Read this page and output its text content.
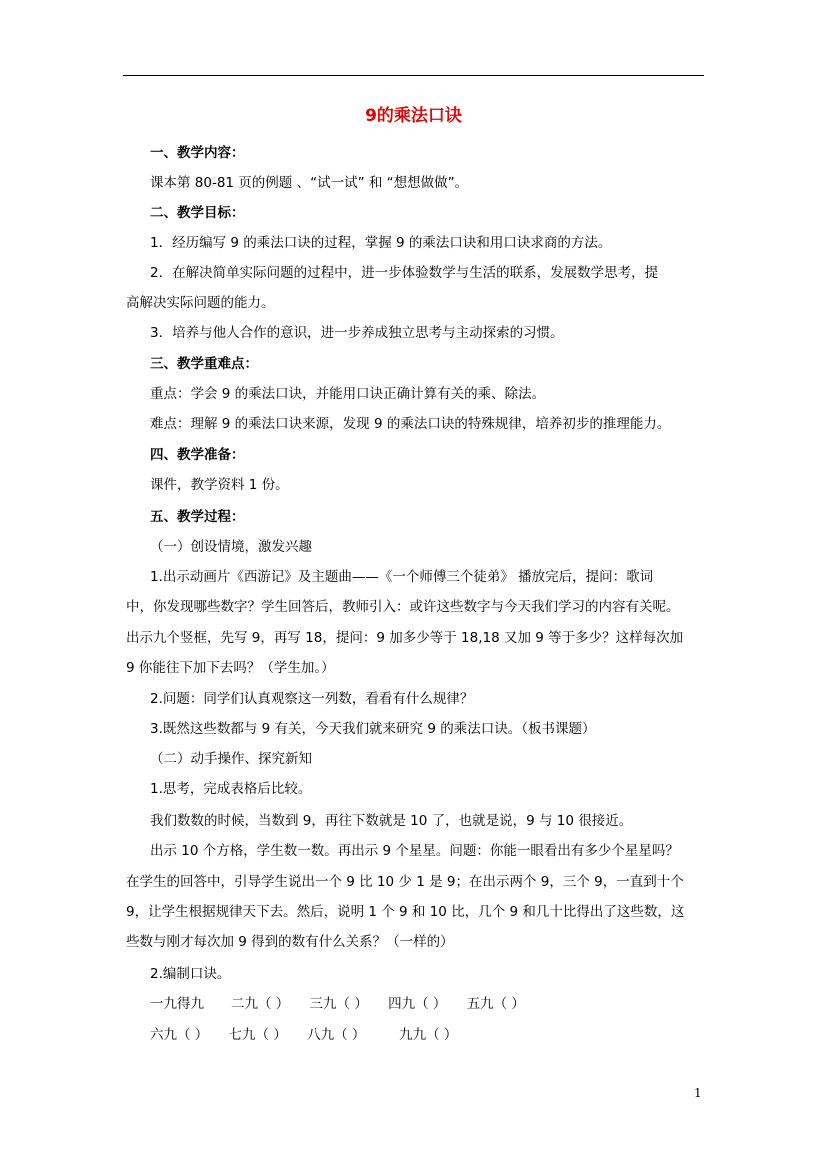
9的乘法口诀
一、教学内容：
课本第 80-81 页的例题 、“试一试” 和 “想想做做”。
二、教学目标：
1．经历编写 9 的乘法口诀的过程，掌握 9 的乘法口诀和用口诀求商的方法。
2．在解决简单实际问题的过程中，进一步体验数学与生活的联系，发展数学思考，提
高解决实际问题的能力。
3．培养与他人合作的意识，进一步养成独立思考与主动探索的习惯。
三、教学重难点：
重点：学会 9 的乘法口诀，并能用口诀正确计算有关的乘、除法。
难点：理解 9 的乘法口诀来源，发现 9 的乘法口诀的特殊规律，培养初步的推理能力。
四、教学准备：
课件，教学资料 1 份。
五、教学过程：
（一）创设情境，激发兴趣
1.出示动画片《西游记》及主题曲——《一个师傅三个徒弟》 播放完后，提问：歌词
中，你发现哪些数字？学生回答后，教师引入：或许这些数字与今天我们学习的内容有关呢。
出示九个竖框，先写 9，再写 18，提问：9 加多少等于 18,18 又加 9 等于多少？这样每次加
9 你能往下加下去吗？（学生加。）
2.问题：同学们认真观察这一列数，看看有什么规律？
3.既然这些数都与 9 有关，今天我们就来研究 9 的乘法口诀。（板书课题）
（二）动手操作、探究新知
1.思考，完成表格后比较。
我们数数的时候，当数到 9，再往下数就是 10 了，也就是说，9 与 10 很接近。
出示 10 个方格，学生数一数。再出示 9 个星星。问题：你能一眼看出有多少个星星吗？
在学生的回答中，引导学生说出一个 9 比 10 少 1 是 9；在出示两个 9，三个 9，一直到十个
9，让学生根据规律天下去。然后，说明 1 个 9 和 10 比，几个 9 和几十比得出了这些数，这
些数与刚才每次加 9 得到的数有什么关系？（一样的）
2.编制口诀。
一九得九　　二九（ ）　　三九（ ）　　四九（ ）　　五九（ ）
六九（ ）　　七九（ ）　　八九（ ）　　　九九（ ）
1
